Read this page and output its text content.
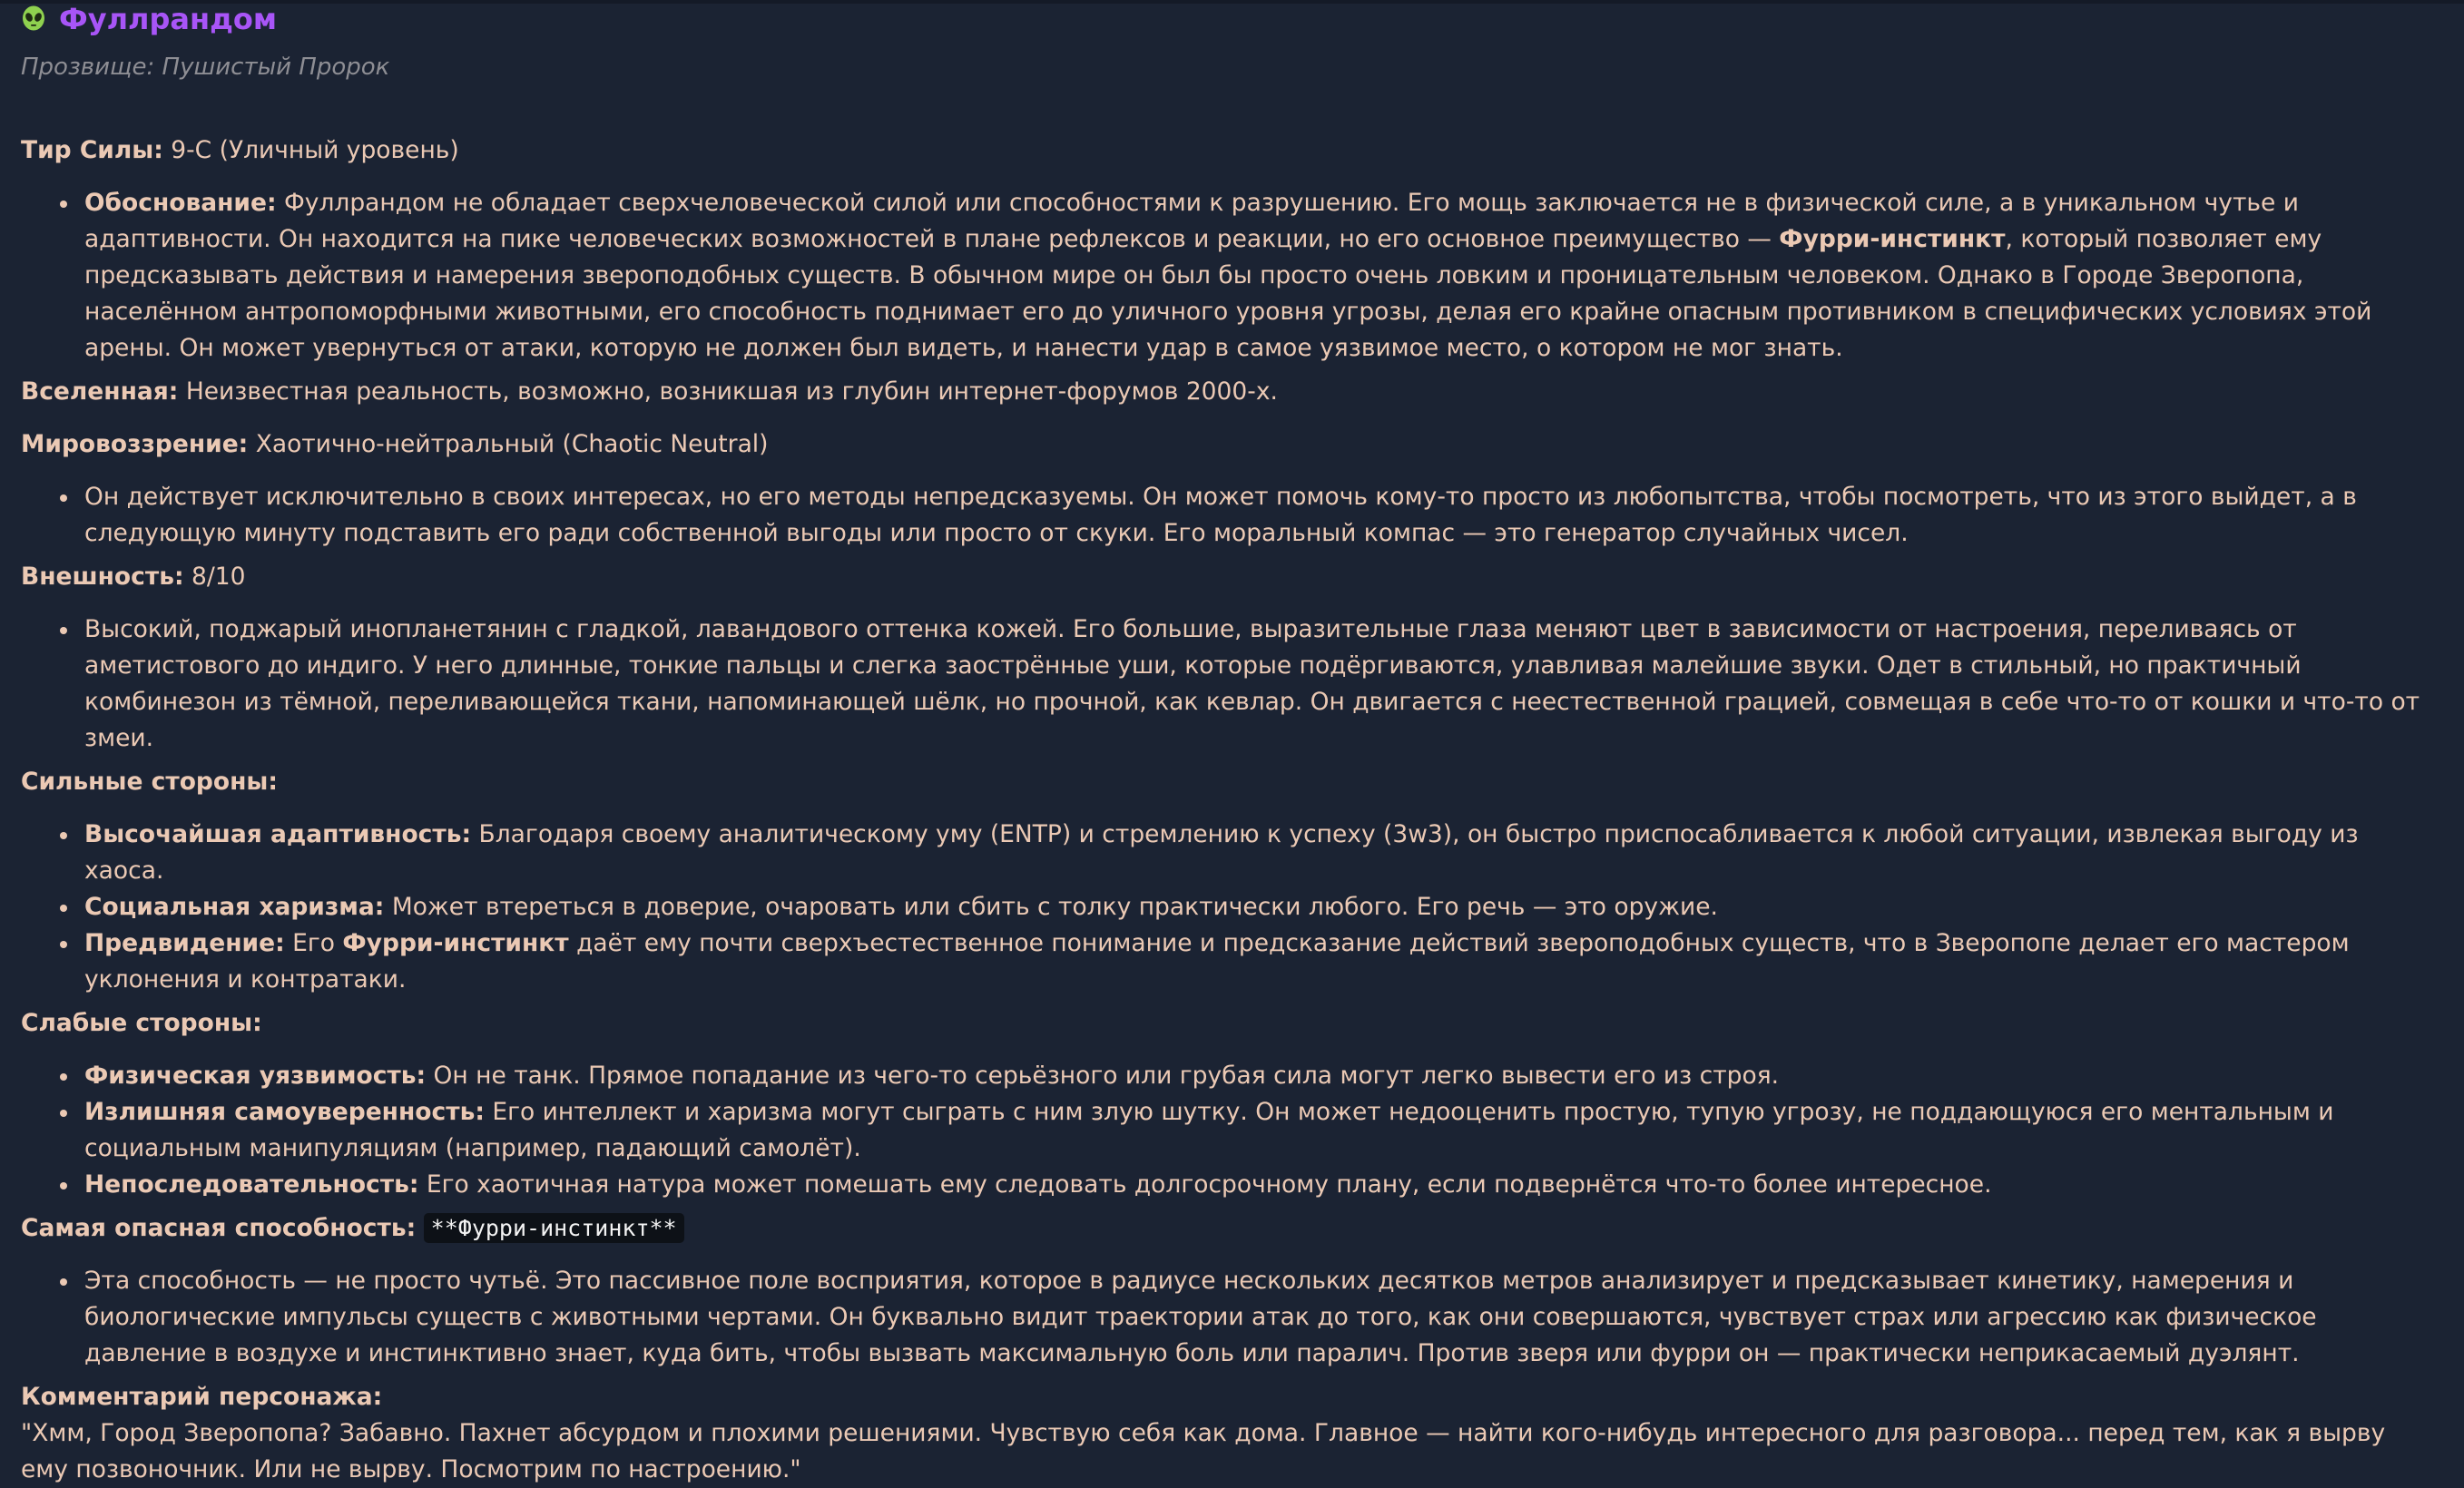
Фуллрандом
Прозвище: Пушистый Пророк
Тир Силы: 9-C (Уличный уровень)
Обоснование: Фуллрандом не обладает сверхчеловеческой силой или способностями к разрушению. Его мощь заключается не в физической силе, а в уникальном чутье и адаптивности. Он находится на пике человеческих возможностей в плане рефлексов и реакции, но его основное преимущество — Фурри-инстинкт, который позволяет ему предсказывать действия и намерения звероподобных существ. В обычном мире он был бы просто очень ловким и проницательным человеком. Однако в Городе Зверопопа, населённом антропоморфными животными, его способность поднимает его до уличного уровня угрозы, делая его крайне опасным противником в специфических условиях этой арены. Он может увернуться от атаки, которую не должен был видеть, и нанести удар в самое уязвимое место, о котором не мог знать.
Вселенная: Неизвестная реальность, возможно, возникшая из глубин интернет-форумов 2000-х.
Мировоззрение: Хаотично-нейтральный (Chaotic Neutral)
Он действует исключительно в своих интересах, но его методы непредсказуемы. Он может помочь кому-то просто из любопытства, чтобы посмотреть, что из этого выйдет, а в следующую минуту подставить его ради собственной выгоды или просто от скуки. Его моральный компас — это генератор случайных чисел.
Внешность: 8/10
Высокий, поджарый инопланетянин с гладкой, лавандового оттенка кожей. Его большие, выразительные глаза меняют цвет в зависимости от настроения, переливаясь от аметистового до индиго. У него длинные, тонкие пальцы и слегка заострённые уши, которые подёргиваются, улавливая малейшие звуки. Одет в стильный, но практичный комбинезон из тёмной, переливающейся ткани, напоминающей шёлк, но прочной, как кевлар. Он двигается с неестественной грацией, совмещая в себе что-то от кошки и что-то от змеи.
Сильные стороны:
Высочайшая адаптивность: Благодаря своему аналитическому уму (ENTP) и стремлению к успеху (3w3), он быстро приспосабливается к любой ситуации, извлекая выгоду из хаоса.
Социальная харизма: Может втереться в доверие, очаровать или сбить с толку практически любого. Его речь — это оружие.
Предвидение: Его Фурри-инстинкт даёт ему почти сверхъестественное понимание и предсказание действий звероподобных существ, что в Зверопопе делает его мастером уклонения и контратаки.
Слабые стороны:
Физическая уязвимость: Он не танк. Прямое попадание из чего-то серьёзного или грубая сила могут легко вывести его из строя.
Излишняя самоуверенность: Его интеллект и харизма могут сыграть с ним злую шутку. Он может недооценить простую, тупую угрозу, не поддающуюся его ментальным и социальным манипуляциям (например, падающий самолёт).
Непоследовательность: Его хаотичная натура может помешать ему следовать долгосрочному плану, если подвернётся что-то более интересное.
Самая опасная способность: **Фурри-инстинкт**
Эта способность — не просто чутьё. Это пассивное поле восприятия, которое в радиусе нескольких десятков метров анализирует и предсказывает кинетику, намерения и биологические импульсы существ с животными чертами. Он буквально видит траектории атак до того, как они совершаются, чувствует страх или агрессию как физическое давление в воздухе и инстинктивно знает, куда бить, чтобы вызвать максимальную боль или паралич. Против зверя или фурри он — практически неприкасаемый дуэлянт.
Комментарий персонажа:
"Хмм, Город Зверопопа? Забавно. Пахнет абсурдом и плохими решениями. Чувствую себя как дома. Главное — найти кого-нибудь интересного для разговора... перед тем, как я вырву ему позвоночник. Или не вырву. Посмотрим по настроению."
